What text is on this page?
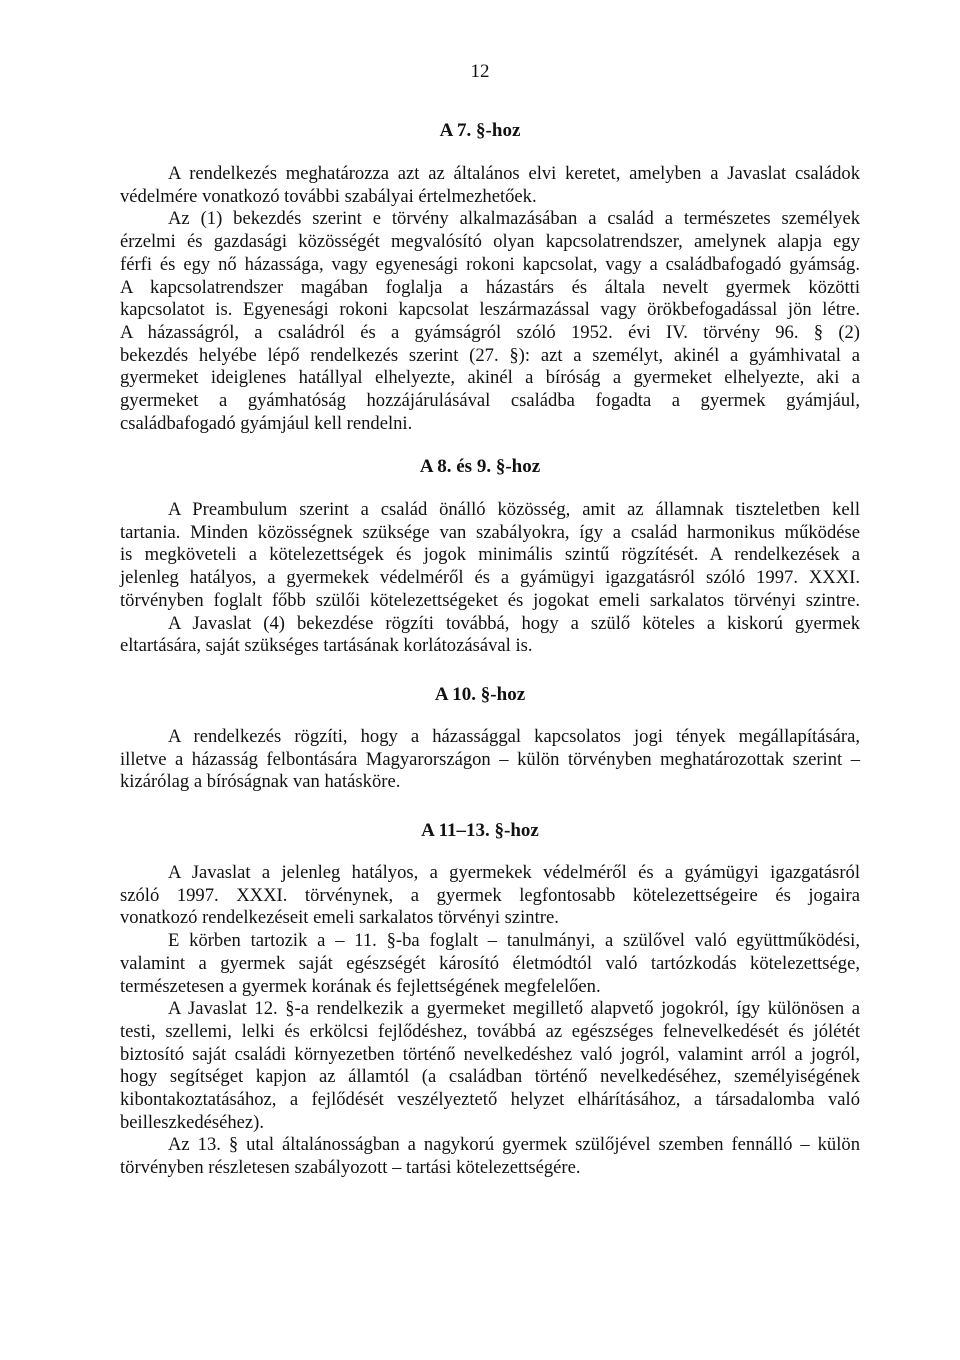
12
A 7. §-hoz
A rendelkezés meghatározza azt az általános elvi keretet, amelyben a Javaslat családok
védelmére vonatkozó további szabályai értelmezhetőek.
Az (1) bekezdés szerint e törvény alkalmazásában a család a természetes személyek
érzelmi és gazdasági közösségét megvalósító olyan kapcsolatrendszer, amelynek alapja egy
férfi és egy nő házassága, vagy egyenesági rokoni kapcsolat, vagy a családbafogadó gyámság.
A kapcsolatrendszer magában foglalja a házastárs és általa nevelt gyermek közötti
kapcsolatot is. Egyenesági rokoni kapcsolat leszármazással vagy örökbefogadással jön létre.
A házasságról, a családról és a gyámságról szóló 1952. évi IV. törvény 96. § (2)
bekezdés helyébe lépő rendelkezés szerint (27. §): azt a személyt, akinél a gyámhivatal a
gyermeket ideiglenes hatállyal elhelyezte, akinél a bíróság a gyermeket elhelyezte, aki a
gyermeket a gyámhatóság hozzájárulásával családba fogadta a gyermek gyámjául,
családbafogadó gyámjául kell rendelni.
A 8. és 9. §-hoz
A Preambulum szerint a család önálló közösség, amit az államnak tiszteletben kell
tartania. Minden közösségnek szüksége van szabályokra, így a család harmonikus működése
is megköveteli a kötelezettségek és jogok minimális szintű rögzítését. A rendelkezések a
jelenleg hatályos, a gyermekek védelméről és a gyámügyi igazgatásról szóló 1997. XXXI.
törvényben foglalt főbb szülői kötelezettségeket és jogokat emeli sarkalatos törvényi szintre.
A Javaslat (4) bekezdése rögzíti továbbá, hogy a szülő köteles a kiskorú gyermek
eltartására, saját szükséges tartásának korlátozásával is.
A 10. §-hoz
A rendelkezés rögzíti, hogy a házassággal kapcsolatos jogi tények megállapítására,
illetve a házasság felbontására Magyarországon – külön törvényben meghatározottak szerint –
kizárólag a bíróságnak van hatásköre.
A 11–13. §-hoz
A Javaslat a jelenleg hatályos, a gyermekek védelméről és a gyámügyi igazgatásról
szóló 1997. XXXI. törvénynek, a gyermek legfontosabb kötelezettségeire és jogaira
vonatkozó rendelkezéseit emeli sarkalatos törvényi szintre.
E körben tartozik a – 11. §-ba foglalt – tanulmányi, a szülővel való együttműködési,
valamint a gyermek saját egészségét károsító életmódtól való tartózkodás kötelezettsége,
természetesen a gyermek korának és fejlettségének megfelelően.
A Javaslat 12. §-a rendelkezik a gyermeket megillető alapvető jogokról, így különösen a
testi, szellemi, lelki és erkölcsi fejlődéshez, továbbá az egészséges felnevelkedését és jólétét
biztosító saját családi környezetben történő nevelkedéshez való jogról, valamint arról a jogról,
hogy segítséget kapjon az államtól (a családban történő nevelkedéséhez, személyiségének
kibontakoztatásához, a fejlődését veszélyeztető helyzet elhárításához, a társadalomba való
beilleszkedéséhez).
Az 13. § utal általánosságban a nagykorú gyermek szülőjével szemben fennálló – külön
törvényben részletesen szabályozott – tartási kötelezettségére.
